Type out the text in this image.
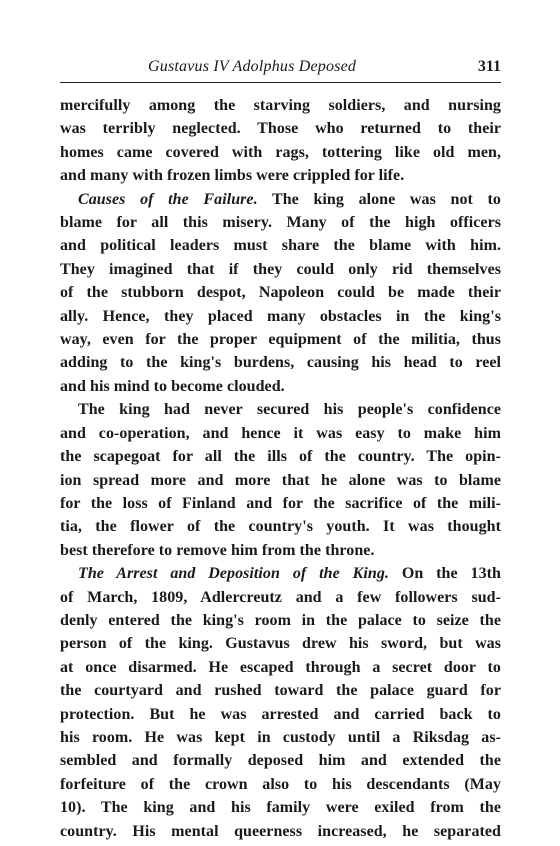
Gustavus IV Adolphus Deposed	311

mercifully among the starving soldiers, and nursing
was terribly neglected. Those who returned to their
homes came covered with rags, tottering like old men,
and many with frozen limbs were crippled for life.

Causes of the Failure. The king alone was not to
blame for all this misery. Many of the high officers
and political leaders must share the blame with him.
They imagined that if they could only rid themselves
of the stubborn despot, Napoleon could be made their
ally. Hence, they placed many obstacles in the king's
way, even for the proper equipment of the militia, thus
adding to the king's burdens, causing his head to reel
and his mind to become clouded.

The king had never secured his people's confidence
and co-operation, and hence it was easy to make him
the scapegoat for all the ills of the country. The opin-
ion spread more and more that he alone was to blame
for the loss of Finland and for the sacrifice of the mili-
tia, the flower of the country's youth. It was thought
best therefore to remove him from the throne.

The Arrest and Deposition of the King. On the 13th
of March, 1809, Adlercreutz and a few followers sud-
denly entered the king's room in the palace to seize the
person of the king. Gustavus drew his sword, but was
at once disarmed. He escaped through a secret door to
the courtyard and rushed toward the palace guard for
protection. But he was arrested and carried back to
his room. He was kept in custody until a Riksdag as-
sembled and formally deposed him and extended the
forfeiture of the crown also to his descendants (May
10). The king and his family were exiled from the
country. His mental queerness increased, he separated
